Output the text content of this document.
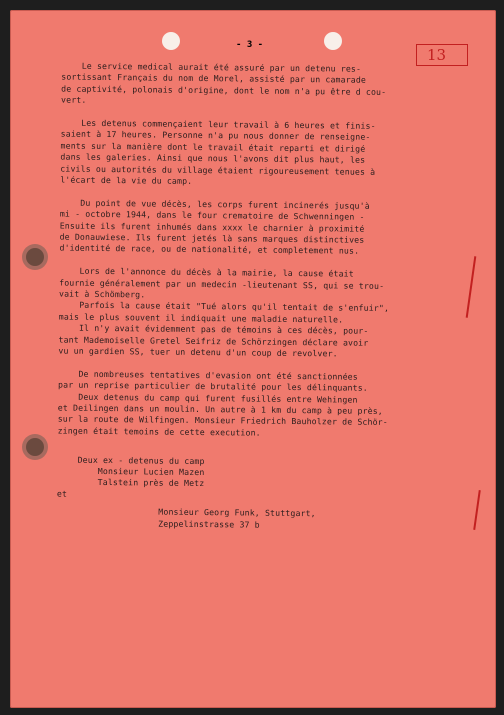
- 3 -
13
Le service medical aurait été assuré par un detenu res-
sortissant Français du nom de Morel, assisté par un camarade
de captivité, polonais d'origine, dont le nom n'a pu être d cou-
vert.
Les detenus commençaient leur travail à 6 heures et finis-
saient à 17 heures. Personne n'a pu nous donner de renseigne-
ments sur la manière dont le travail était reparti et dirigé
dans les galeries. Ainsi que nous l'avons dit plus haut, les
civils ou autorités du village étaient rigoureusement tenues à
l'écart de la vie du camp.
Du point de vue décès, les corps furent incinerés jusqu'à
mi - octobre 1944, dans le four crematoire de Schwenningen -
Ensuite ils furent inhumés dans xxxx le charnier à proximité
de Donauwiese. Ils furent jetés là sans marques distinctives
d'identité de race, ou de nationalité, et completement nus.
Lors de l'annonce du décès à la mairie, la cause était
fournie généralement par un medecin -lieutenant SS, qui se trou-
vait à Schömberg.
Parfois la cause était "Tué alors qu'il tentait de s'enfuir",
mais le plus souvent il indiquait une maladie naturelle.
Il n'y avait évidemment pas de témoins à ces décès, pour-
tant Mademoiselle Gretel Seifriz de Schörzingen déclare avoir
vu un gardien SS, tuer un detenu d'un coup de revolver.
De nombreuses tentatives d'evasion ont été sanctionnées
par un reprise particulier de brutalité pour les délinquants.
Deux detenus du camp qui furent fusillés entre Wehingen
et Deilingen dans un moulin. Un autre à 1 km du camp à peu près,
sur la route de Wilfingen. Monsieur Friedrich Bauholzer de Schör-
zingen était temoins de cette execution.
Deux ex - detenus du camp
Monsieur Lucien Mazen
Talstein près de Metz
et
Monsieur Georg Funk, Stuttgart,
Zeppelinstrasse 37 b
